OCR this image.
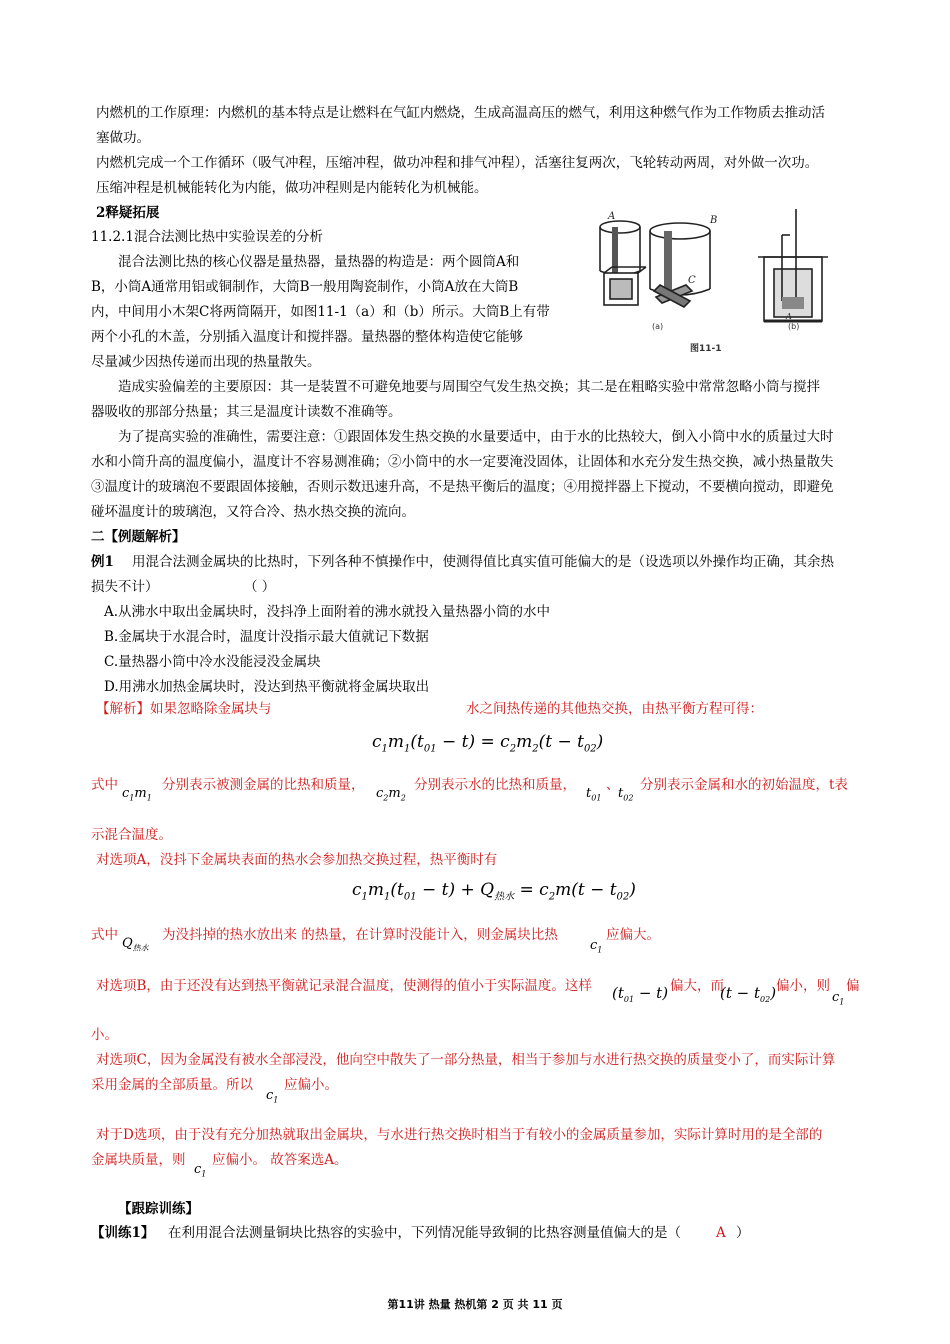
内燃机的工作原理：内燃机的基本特点是让燃料在气缸内燃烧，生成高温高压的燃气，利用这种燃气作为工作物质去推动活
塞做功。
内燃机完成一个工作循环（吸气冲程，压缩冲程，做功冲程和排气冲程），活塞往复两次，飞轮转动两周，对外做一次功。
压缩冲程是机械能转化为内能，做功冲程则是内能转化为机械能。
2释疑拓展
11.2.1混合法测比热中实验误差的分析
混合法测比热的核心仪器是量热器，量热器的构造是：两个圆筒A和
B，小筒A通常用铝或铜制作，大筒B一般用陶瓷制作，小筒A放在大筒B
内，中间用小木架C将两筒隔开，如图11-1（a）和（b）所示。大筒B上有带
两个小孔的木盖，分别插入温度计和搅拌器。量热器的整体构造使它能够
尽量减少因热传递而出现的热量散失。
造成实验偏差的主要原因：其一是装置不可避免地要与周围空气发生热交换；其二是在粗略实验中常常忽略小筒与搅拌
器吸收的那部分热量；其三是温度计读数不准确等。
为了提高实验的准确性，需要注意：①跟固体发生热交换的水量要适中，由于水的比热较大，倒入小筒中水的质量过大时
水和小筒升高的温度偏小，温度计不容易测准确；②小筒中的水一定要淹没固体，让固体和水充分发生热交换，减小热量散失
③温度计的玻璃泡不要跟固体接触，否则示数迅速升高，不是热平衡后的温度；④用搅拌器上下搅动，不要横向搅动，即避免
碰坏温度计的玻璃泡，又符合冷、热水热交换的流向。
A	B
C
A
(a)	(b)
图11-1
二【例题解析】
例1 用混合法测金属块的比热时，下列各种不慎操作中，使测得值比真实值可能偏大的是（设选项以外操作均正确，其余热
损失不计）	（ ）
A.从沸水中取出金属块时，没抖净上面附着的沸水就投入量热器小筒的水中
B.金属块于水混合时，温度计没指示最大值就记下数据
C.量热器小筒中冷水没能浸没金属块
D.用沸水加热金属块时，没达到热平衡就将金属块取出
【解析】如果忽略除金属块与	水之间热传递的其他热交换，由热平衡方程可得：
$c_1m_1(t_{01} - t) = c_2m_2(t - t_{02})$
式中
$c_1m_1$
分别表示被测金属的比热和质量，
$c_2m_2$
分别表示水的比热和质量，
$t_{01}$
、
$t_{02}$
分别表示金属和水的初始温度，t表
示混合温度。
对选项A，没抖下金属块表面的热水会参加热交换过程，热平衡时有
$c_1m_1(t_{01} - t) + Q_{热水} = c_2m(t - t_{02})$
式中
$Q_{热水}$
为没抖掉的热水放出来 的热量，在计算时没能计入，则金属块比热
$c_1$
应偏大。
对选项B，由于还没有达到热平衡就记录混合温度，使测得的值小于实际温度。这样 $(t_{01} - t)$ 偏大，而
$(t - t_{02})$ 偏小，则
$c_1$
偏
小。
对选项C，因为金属没有被水全部浸没，他向空中散失了一部分热量，相当于参加与水进行热交换的质量变小了，而实际计算
采用金属的全部质量。所以
$c_1$
应偏小。
对于D选项，由于没有充分加热就取出金属块，与水进行热交换时相当于有较小的金属质量参加，实际计算时用的是全部的
金属块质量，则
$c_1$
应偏小。 故答案选A。
【跟踪训练】
【训练1】 在利用混合法测量铜块比热容的实验中，下列情况能导致铜的比热容测量值偏大的是（	A ）
第11讲 热量 热机第 2 页 共 11 页
